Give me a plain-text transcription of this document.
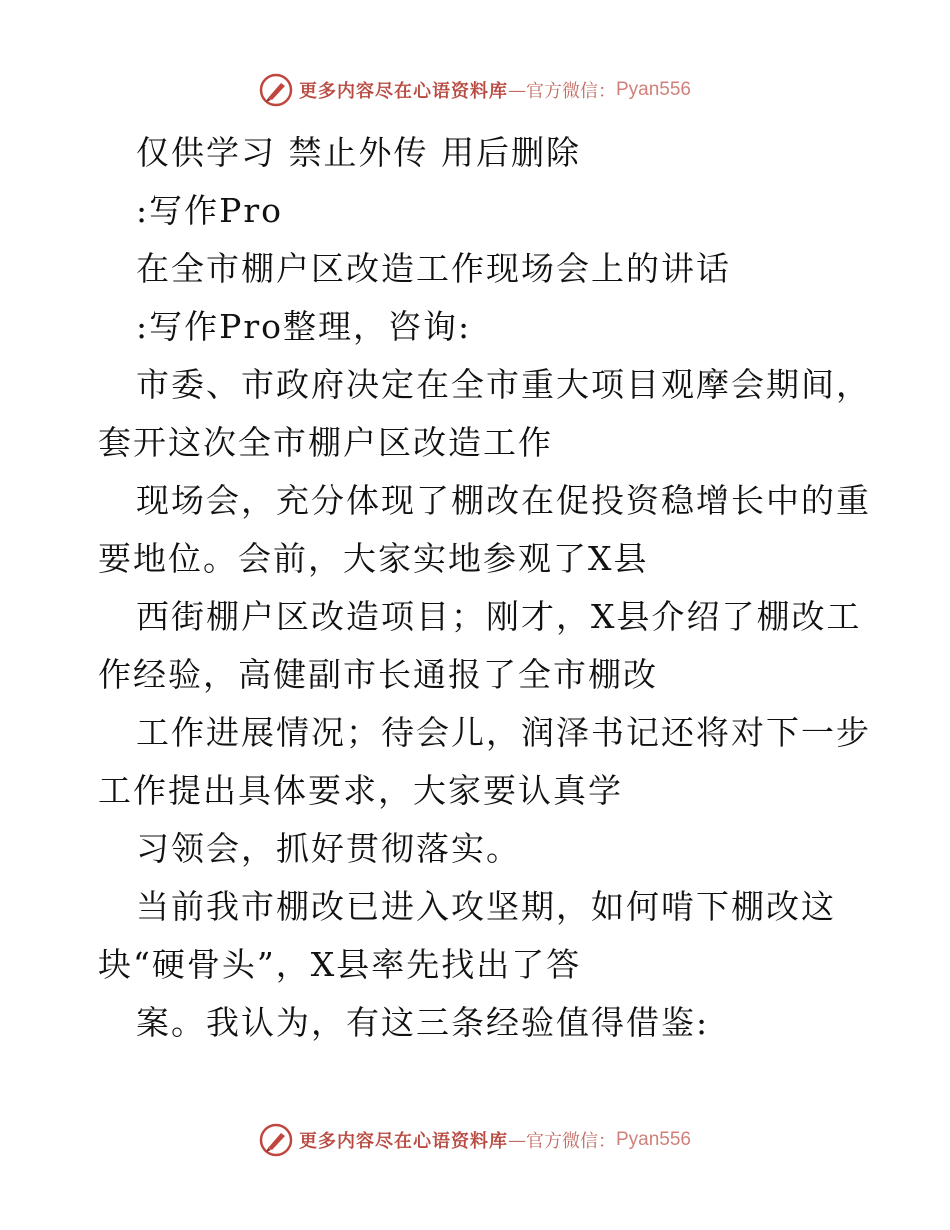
更多内容尽在心语资料库 — 官方微信： Pyan556
仅供学习 禁止外传 用后删除
:写作Pro
在全市棚户区改造工作现场会上的讲话
:写作Pro整理，咨询:
市委、市政府决定在全市重大项目观摩会期间，
套开这次全市棚户区改造工作
现场会，充分体现了棚改在促投资稳增长中的重
要地位。会前，大家实地参观了X县
西街棚户区改造项目；刚才，X县介绍了棚改工
作经验，高健副市长通报了全市棚改
工作进展情况；待会儿，润泽书记还将对下一步
工作提出具体要求，大家要认真学
习领会，抓好贯彻落实。
当前我市棚改已进入攻坚期，如何啃下棚改这
块“硬骨头”，X县率先找出了答
案。我认为，有这三条经验值得借鉴:
更多内容尽在心语资料库 — 官方微信： Pyan556
